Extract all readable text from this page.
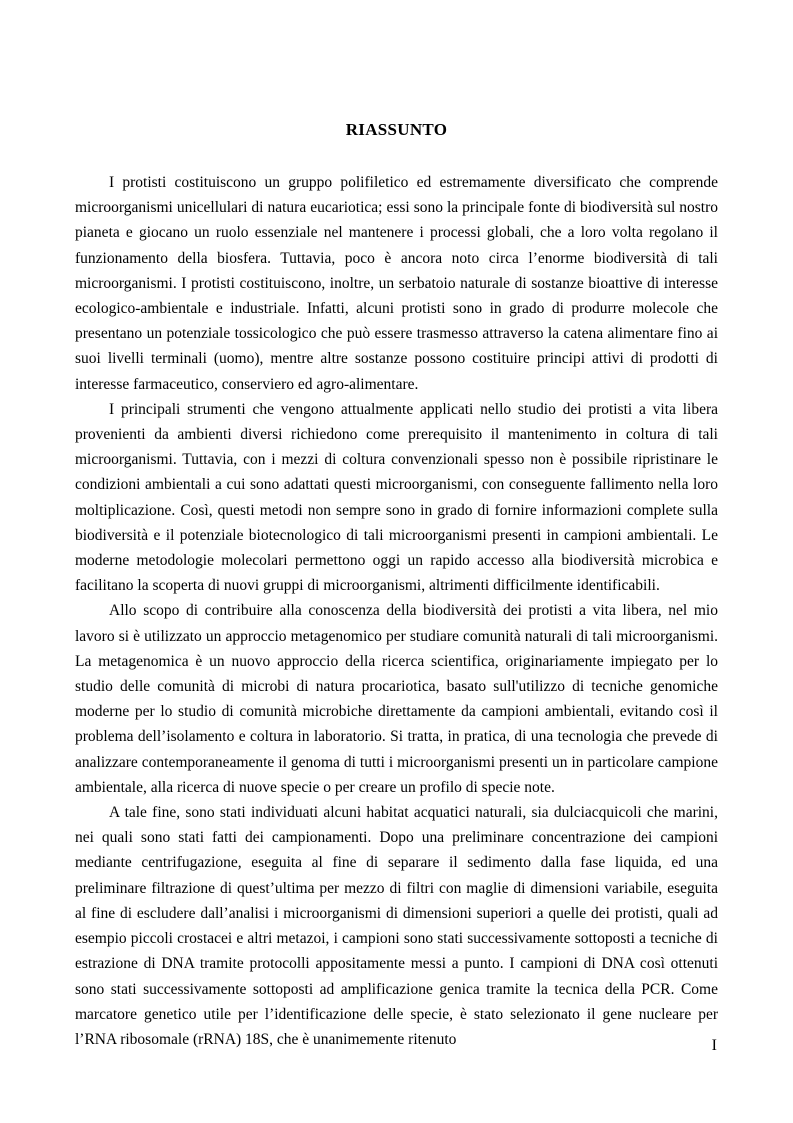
RIASSUNTO

I protisti costituiscono un gruppo polifiletico ed estremamente diversificato che comprende microorganismi unicellulari di natura eucariotica; essi sono la principale fonte di biodiversità sul nostro pianeta e giocano un ruolo essenziale nel mantenere i processi globali, che a loro volta regolano il funzionamento della biosfera. Tuttavia, poco è ancora noto circa l’enorme biodiversità di tali microorganismi. I protisti costituiscono, inoltre, un serbatoio naturale di sostanze bioattive di interesse ecologico-ambientale e industriale. Infatti, alcuni protisti sono in grado di produrre molecole che presentano un potenziale tossicologico che può essere trasmesso attraverso la catena alimentare fino ai suoi livelli terminali (uomo), mentre altre sostanze possono costituire principi attivi di prodotti di interesse farmaceutico, conserviero ed agro-alimentare.

I principali strumenti che vengono attualmente applicati nello studio dei protisti a vita libera provenienti da ambienti diversi richiedono come prerequisito il mantenimento in coltura di tali microorganismi. Tuttavia, con i mezzi di coltura convenzionali spesso non è possibile ripristinare le condizioni ambientali a cui sono adattati questi microorganismi, con conseguente fallimento nella loro moltiplicazione. Così, questi metodi non sempre sono in grado di fornire informazioni complete sulla biodiversità e il potenziale biotecnologico di tali microorganismi presenti in campioni ambientali. Le moderne metodologie molecolari permettono oggi un rapido accesso alla biodiversità microbica e facilitano la scoperta di nuovi gruppi di microorganismi, altrimenti difficilmente identificabili.

Allo scopo di contribuire alla conoscenza della biodiversità dei protisti a vita libera, nel mio lavoro si è utilizzato un approccio metagenomico per studiare comunità naturali di tali microorganismi. La metagenomica è un nuovo approccio della ricerca scientifica, originariamente impiegato per lo studio delle comunità di microbi di natura procariotica, basato sull'utilizzo di tecniche genomiche moderne per lo studio di comunità microbiche direttamente da campioni ambientali, evitando così il problema dell’isolamento e coltura in laboratorio. Si tratta, in pratica, di una tecnologia che prevede di analizzare contemporaneamente il genoma di tutti i microorganismi presenti un in particolare campione ambientale, alla ricerca di nuove specie o per creare un profilo di specie note.

A tale fine, sono stati individuati alcuni habitat acquatici naturali, sia dulciacquicoli che marini, nei quali sono stati fatti dei campionamenti. Dopo una preliminare concentrazione dei campioni mediante centrifugazione, eseguita al fine di separare il sedimento dalla fase liquida, ed una preliminare filtrazione di quest’ultima per mezzo di filtri con maglie di dimensioni variabile, eseguita al fine di escludere dall’analisi i microorganismi di dimensioni superiori a quelle dei protisti, quali ad esempio piccoli crostacei e altri metazoi, i campioni sono stati successivamente sottoposti a tecniche di estrazione di DNA tramite protocolli appositamente messi a punto. I campioni di DNA così ottenuti sono stati successivamente sottoposti ad amplificazione genica tramite la tecnica della PCR. Come marcatore genetico utile per l’identificazione delle specie, è stato selezionato il gene nucleare per l’RNA ribosomale (rRNA) 18S, che è unanimemente ritenuto	I
